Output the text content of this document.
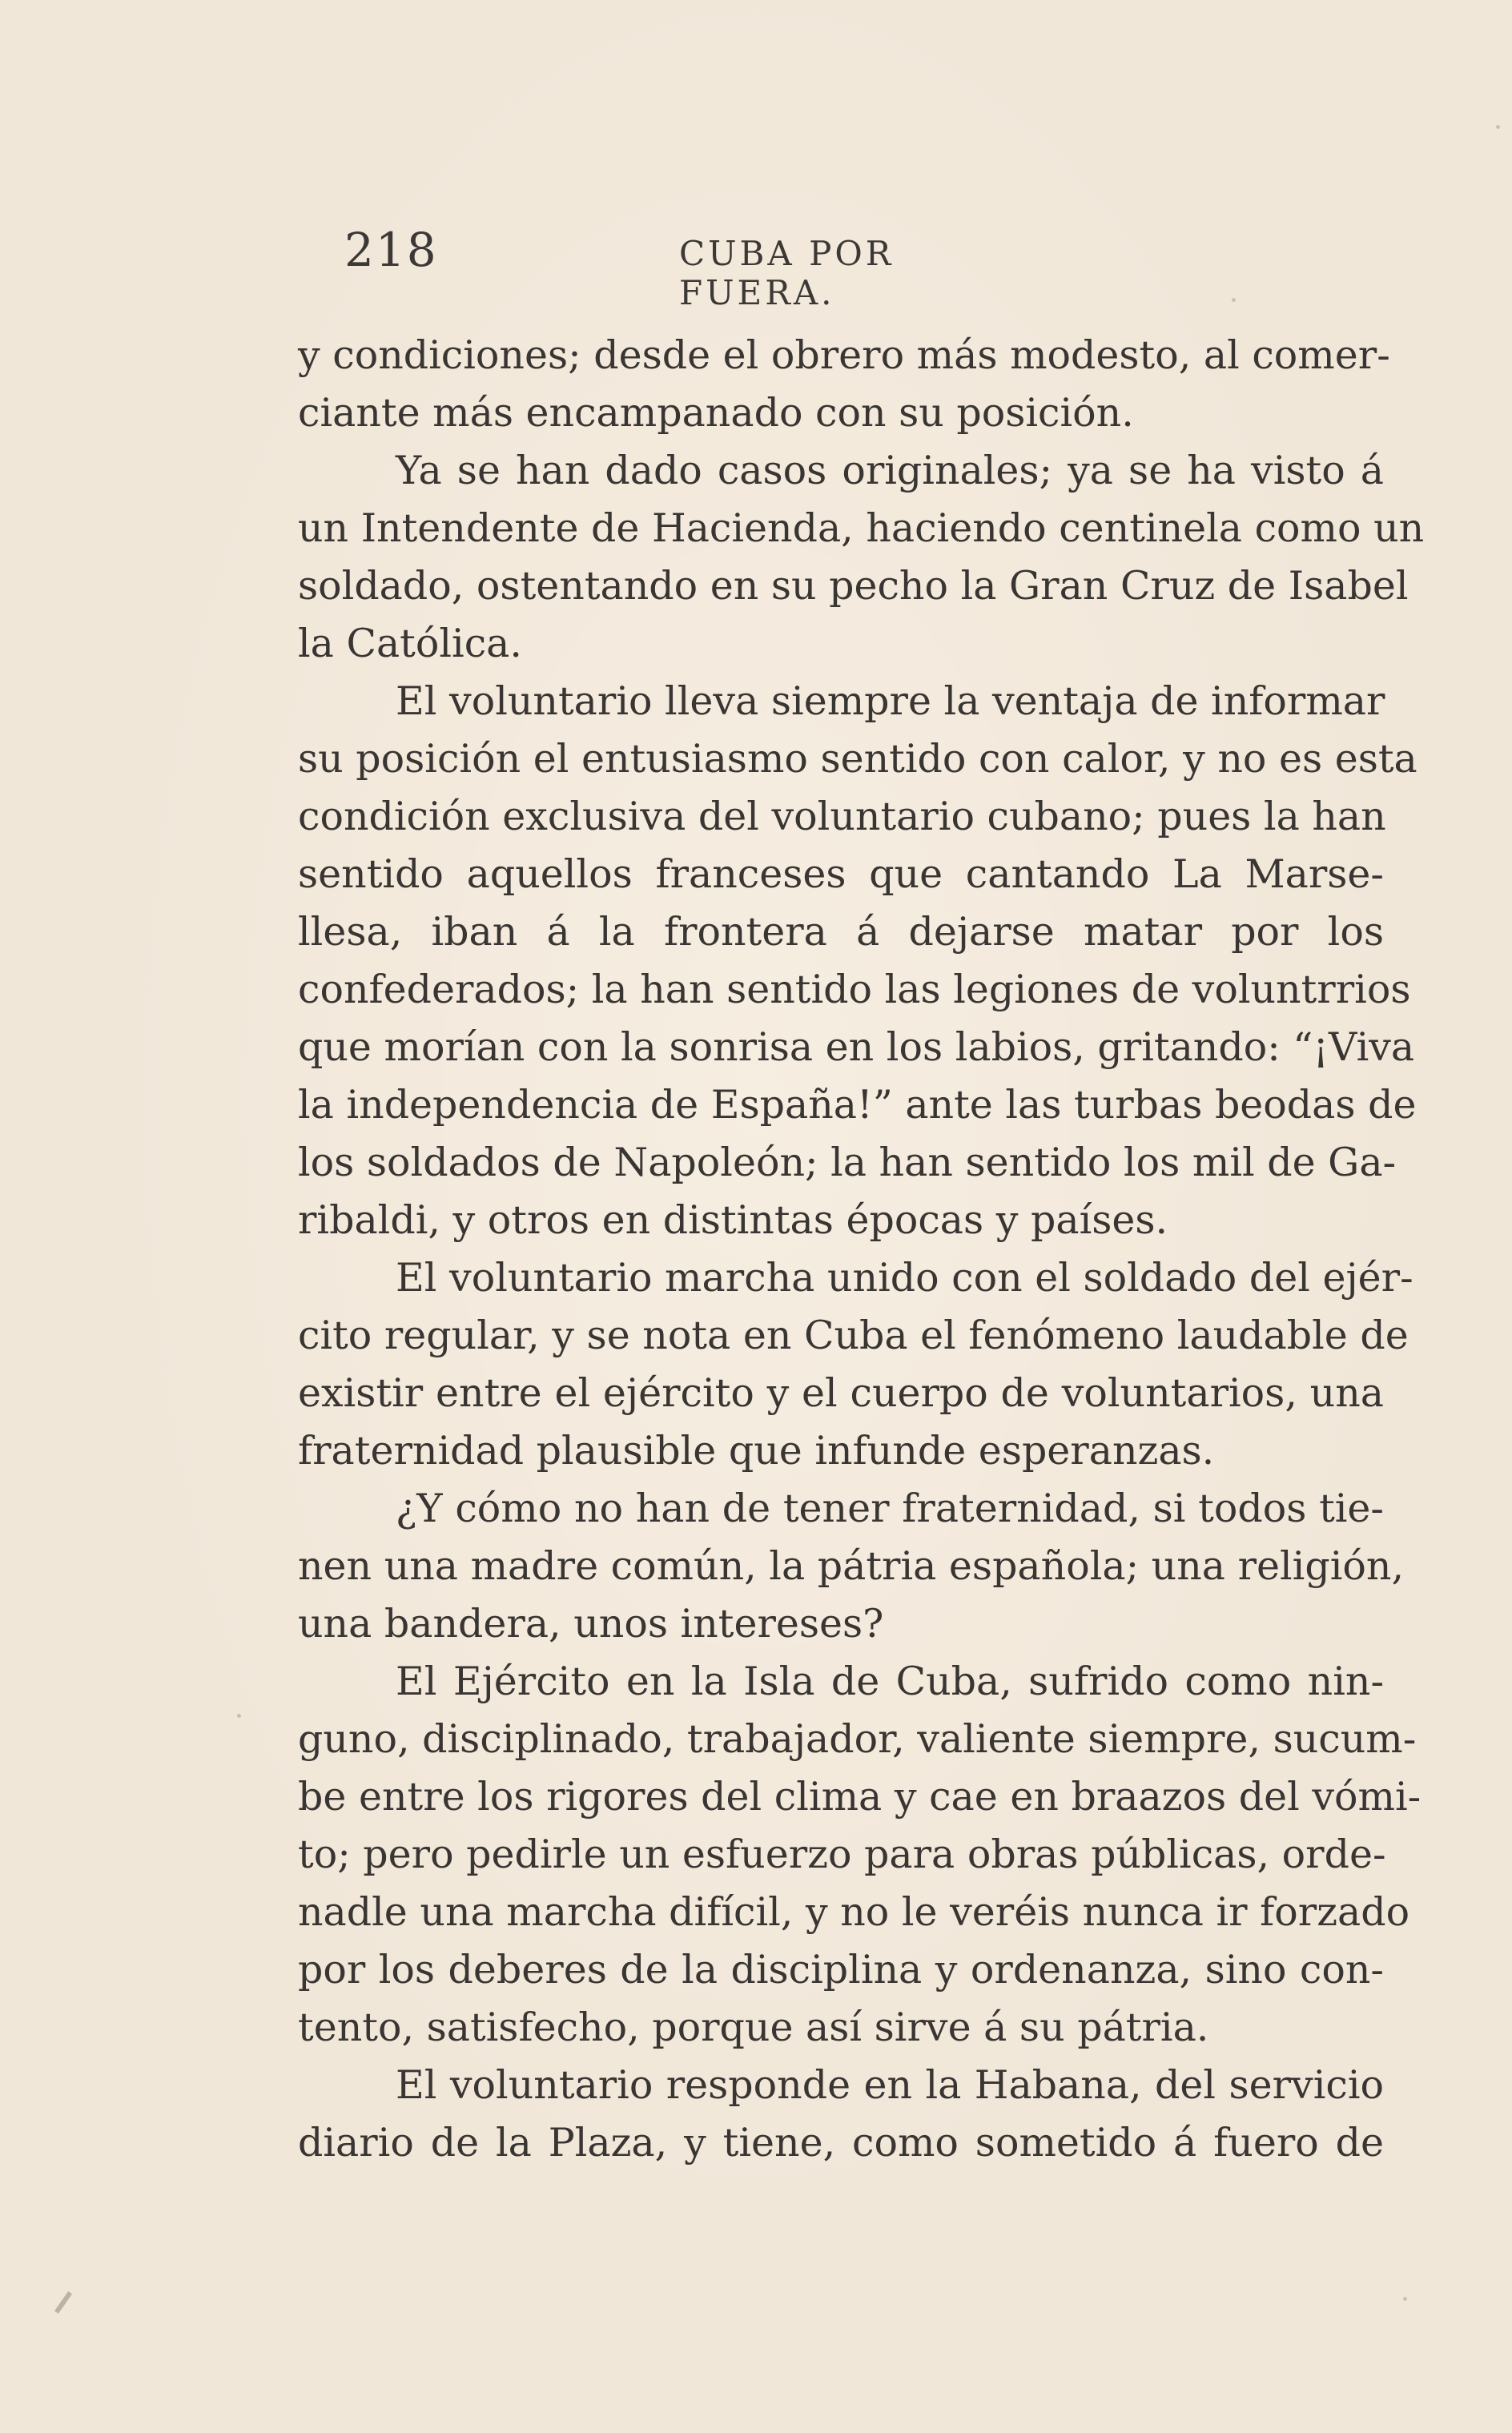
218	CUBA POR FUERA.
y condiciones; desde el obrero más modesto, al comer-
ciante más encampanado con su posición.
Ya se han dado casos originales; ya se ha visto á
un Intendente de Hacienda, haciendo centinela como un
soldado, ostentando en su pecho la Gran Cruz de Isabel
la Católica.
El voluntario lleva siempre la ventaja de informar
su posición el entusiasmo sentido con calor, y no es esta
condición exclusiva del voluntario cubano; pues la han
sentido aquellos franceses que cantando La Marse-
llesa, iban á la frontera á dejarse matar por los
confederados; la han sentido las legiones de voluntrrios
que morían con la sonrisa en los labios, gritando: “¡Viva
la independencia de España!” ante las turbas beodas de
los soldados de Napoleón; la han sentido los mil de Ga-
ribaldi, y otros en distintas épocas y países.
El voluntario marcha unido con el soldado del ejér-
cito regular, y se nota en Cuba el fenómeno laudable de
existir entre el ejército y el cuerpo de voluntarios, una
fraternidad plausible que infunde esperanzas.
¿Y cómo no han de tener fraternidad, si todos tie-
nen una madre común, la pátria española; una religión,
una bandera, unos intereses?
El Ejército en la Isla de Cuba, sufrido como nin-
guno, disciplinado, trabajador, valiente siempre, sucum-
be entre los rigores del clima y cae en braazos del vómi-
to; pero pedirle un esfuerzo para obras públicas, orde-
nadle una marcha difícil, y no le veréis nunca ir forzado
por los deberes de la disciplina y ordenanza, sino con-
tento, satisfecho, porque así sirve á su pátria.
El voluntario responde en la Habana, del servicio
diario de la Plaza, y tiene, como sometido á fuero de
